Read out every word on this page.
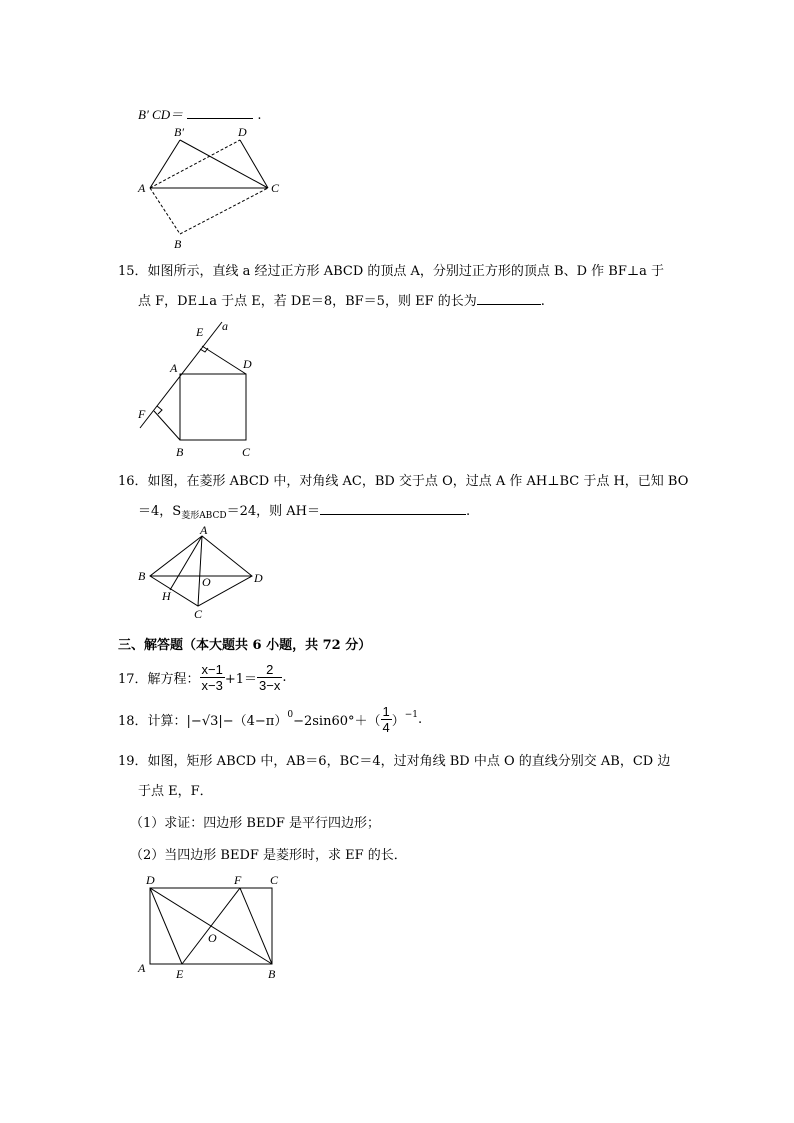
B′ CD＝	.
B′	D
A	C
B
15．如图所示，直线 a 经过正方形 ABCD 的顶点 A，分别过正方形的顶点 B、D 作 BF⊥a 于
点 F，DE⊥a 于点 E，若 DE＝8，BF＝5，则 EF 的长为	.
E a
A	D
F
B	C
16．如图，在菱形 ABCD 中，对角线 AC，BD 交于点 O，过点 A 作 AH⊥BC 于点 H，已知 BO
＝4，$S_{菱形ABCD}=24$，则 AH＝	.
A
B	O	D
H
C
三、解答题（本大题共 6 小题，共 72 分）
17．解方程： $\frac{x-1}{x-3} +1= \frac{2}{3-x}$ .
18．计算：$|-√3|-(4-\pi)^0-2\sin 60^\circ+( \frac{1}{4} )^{-1}$.
19．如图，矩形 ABCD 中，AB＝6，BC＝4，过对角线 BD 中点 O 的直线分别交 AB，CD 边
于点 E，F．
（1）求证：四边形 BEDF 是平行四边形；
（2）当四边形 BEDF 是菱形时，求 EF 的长．
D	F C
O
A	E	B
